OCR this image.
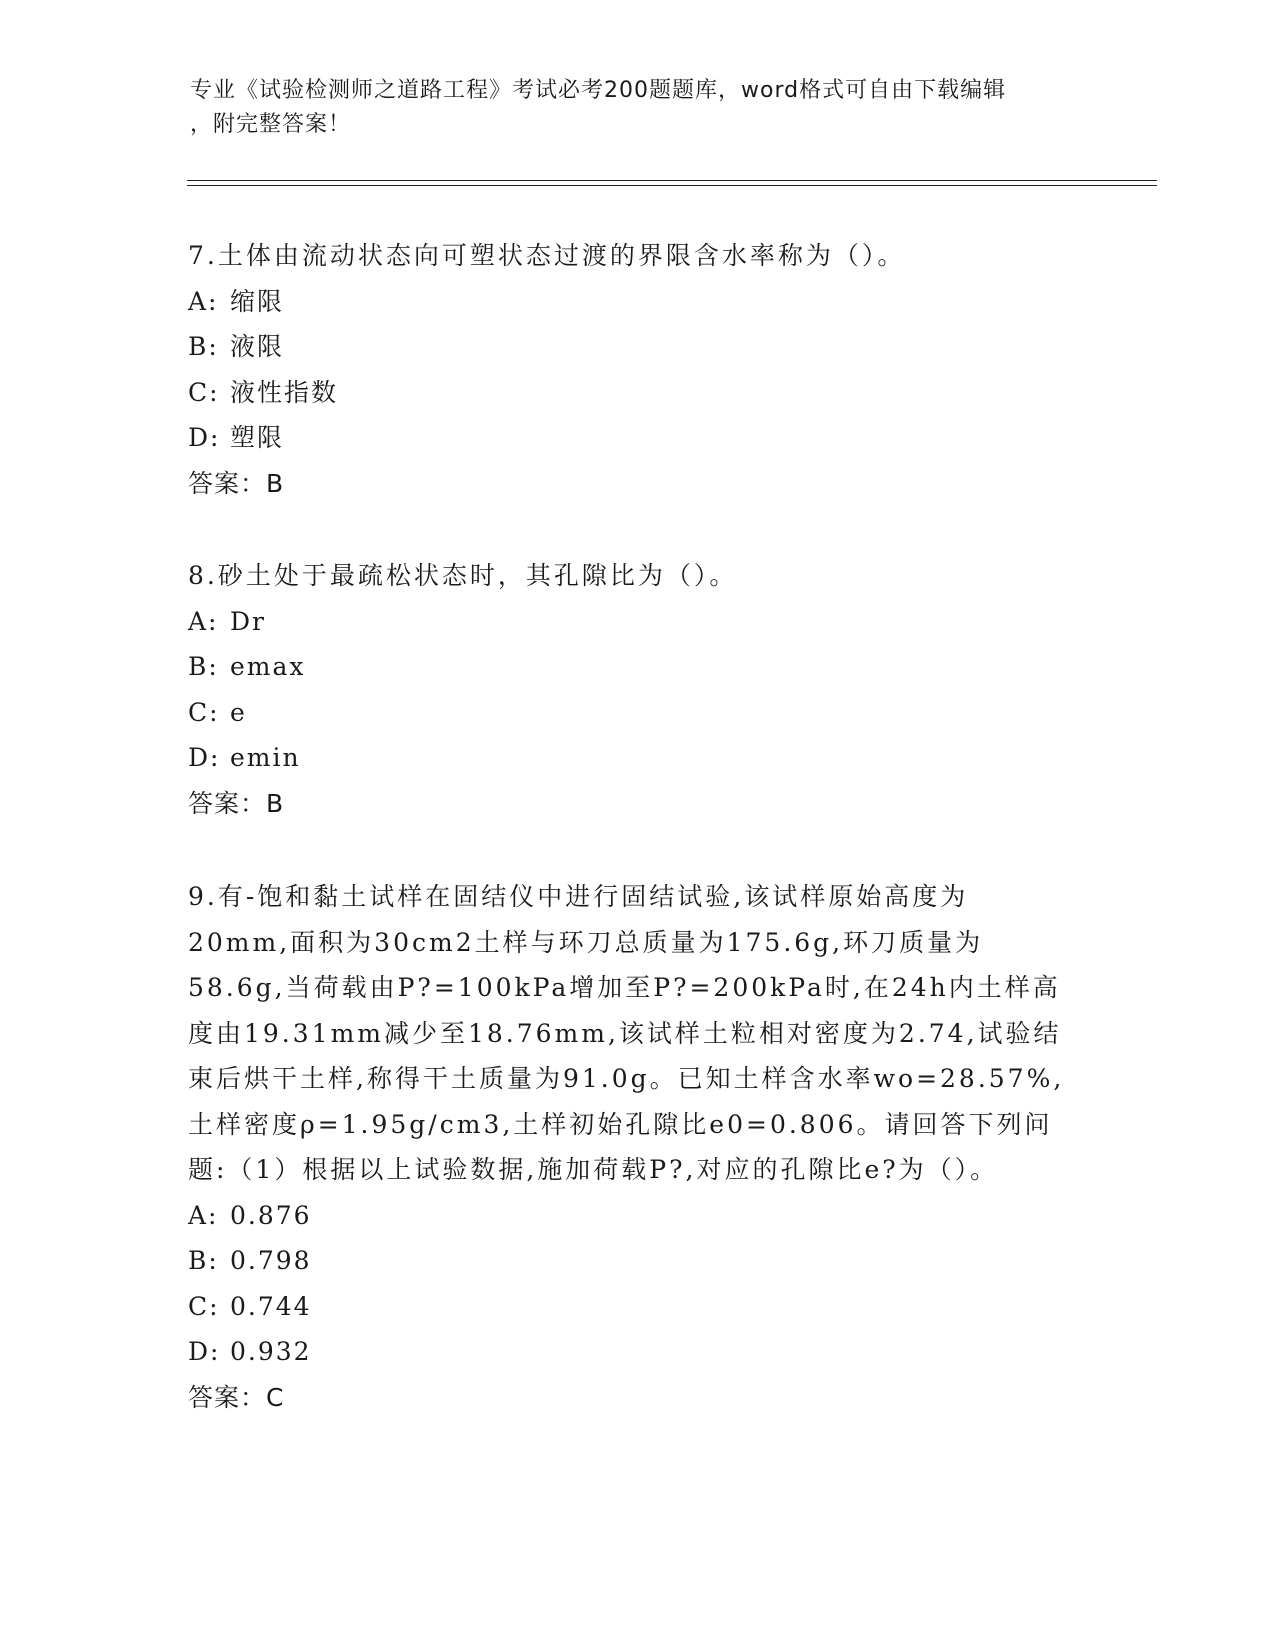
专业《试验检测师之道路工程》考试必考200题题库，word格式可自由下载编辑
，附完整答案！

7.土体由流动状态向可塑状态过渡的界限含水率称为（）。

A: 缩限
B: 液限
C: 液性指数
D: 塑限
答案：B

8.砂土处于最疏松状态时，其孔隙比为（）。

A: Dr
B: emax
C: e
D: emin
答案：B

9.有-饱和黏土试样在固结仪中进行固结试验,该试样原始高度为20mm,面积为30cm2土样与环刀总质量为175.6g,环刀质量为58.6g,当荷载由P?=100kPa增加至P?=200kPa时,在24h内土样高度由19.31mm减少至18.76mm,该试样土粒相对密度为2.74,试验结束后烘干土样,称得干土质量为91.0g。已知土样含水率wo=28.57%,土样密度ρ=1.95g/cm3,土样初始孔隙比e0=0.806。请回答下列问题:（1）根据以上试验数据,施加荷载P?,对应的孔隙比e?为（）。

A: 0.876
B: 0.798
C: 0.744
D: 0.932
答案：C
